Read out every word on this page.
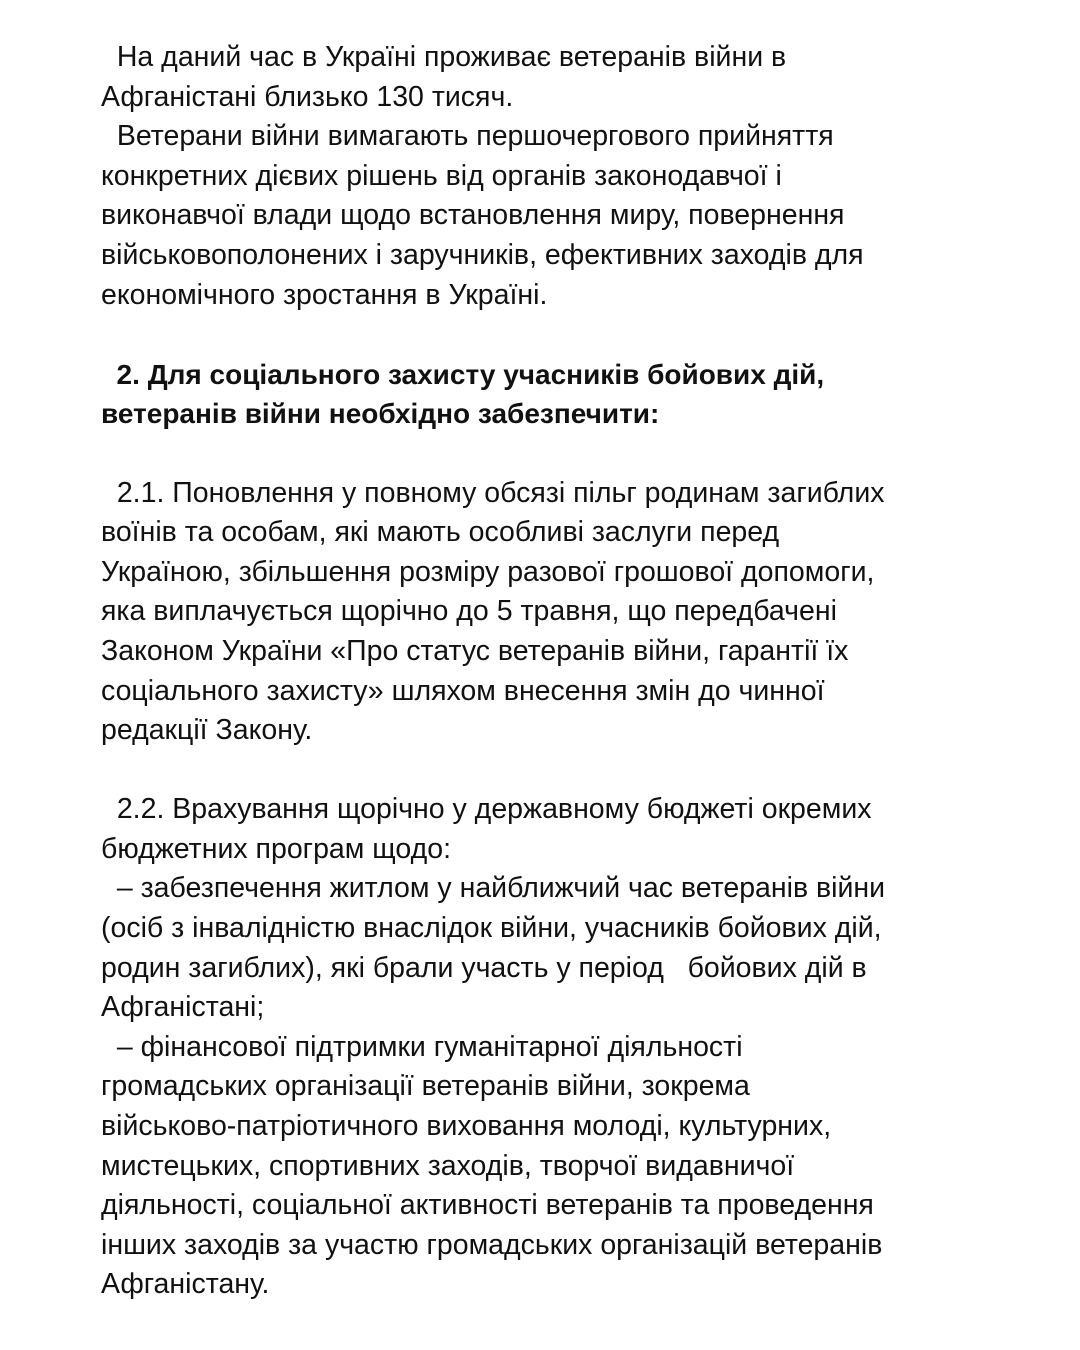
На даний час в Україні проживає ветеранів війни в
Афганістані близько 130 тисяч.
Ветерани війни вимагають першочергового прийняття
конкретних дієвих рішень від органів законодавчої і
виконавчої влади щодо встановлення миру, повернення
військовополонених і заручників, ефективних заходів для
економічного зростання в Україні.
2. Для соціального захисту учасників бойових дій,
ветеранів війни необхідно забезпечити:
2.1. Поновлення у повному обсязі пільг родинам загиблих
воїнів та особам, які мають особливі заслуги перед
Україною, збільшення розміру разової грошової допомоги,
яка виплачується щорічно до 5 травня, що передбачені
Законом України «Про статус ветеранів війни, гарантії їх
соціального захисту» шляхом внесення змін до чинної
редакції Закону.
2.2. Врахування щорічно у державному бюджеті окремих
бюджетних програм щодо:
– забезпечення житлом у найближчий час ветеранів війни
(осіб з інвалідністю внаслідок війни, учасників бойових дій,
родин загиблих), які брали участь у період   бойових дій в
Афганістані;
– фінансової підтримки гуманітарної діяльності
громадських організації ветеранів війни, зокрема
військово-патріотичного виховання молоді, культурних,
мистецьких, спортивних заходів, творчої видавничої
діяльності, соціальної активності ветеранів та проведення
інших заходів за участю громадських організацій ветеранів
Афганістану.
